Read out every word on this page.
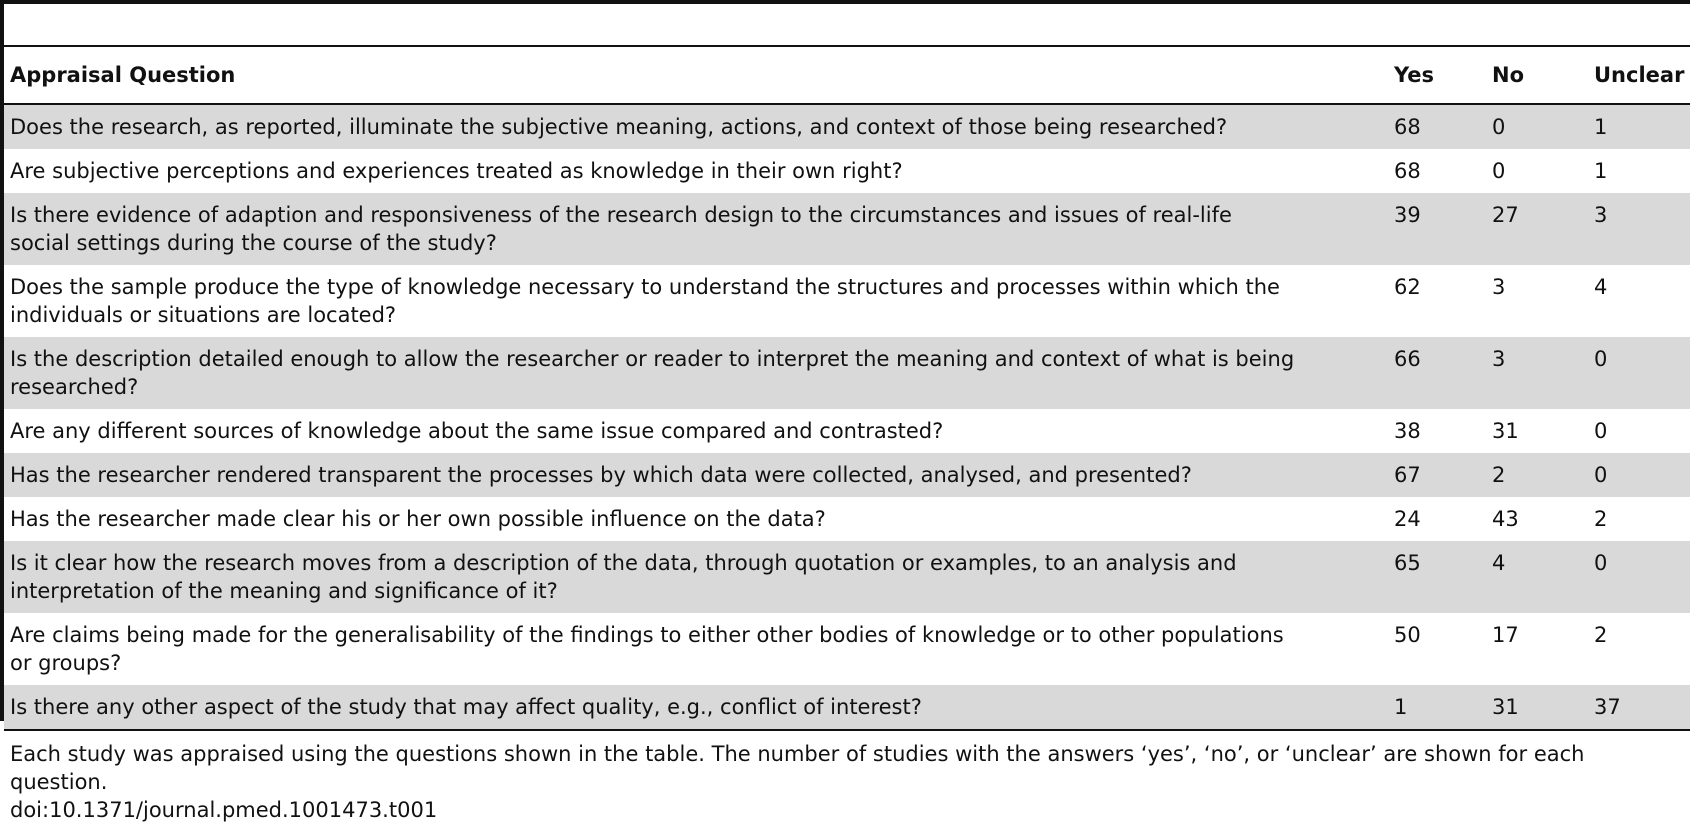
Appraisal Question	Yes	No	Unclear
Does the research, as reported, illuminate the subjective meaning, actions, and context of those being researched?	68	0	1
Are subjective perceptions and experiences treated as knowledge in their own right?	68	0	1
Is there evidence of adaption and responsiveness of the research design to the circumstances and issues of real-life social settings during the course of the study?	39	27	3
Does the sample produce the type of knowledge necessary to understand the structures and processes within which the individuals or situations are located?	62	3	4
Is the description detailed enough to allow the researcher or reader to interpret the meaning and context of what is being researched?	66	3	0
Are any different sources of knowledge about the same issue compared and contrasted?	38	31	0
Has the researcher rendered transparent the processes by which data were collected, analysed, and presented?	67	2	0
Has the researcher made clear his or her own possible influence on the data?	24	43	2
Is it clear how the research moves from a description of the data, through quotation or examples, to an analysis and interpretation of the meaning and significance of it?	65	4	0
Are claims being made for the generalisability of the findings to either other bodies of knowledge or to other populations or groups?	50	17	2
Is there any other aspect of the study that may affect quality, e.g., conflict of interest?	1	31	37
Each study was appraised using the questions shown in the table. The number of studies with the answers ‘yes’, ‘no’, or ‘unclear’ are shown for each question.
doi:10.1371/journal.pmed.1001473.t001
